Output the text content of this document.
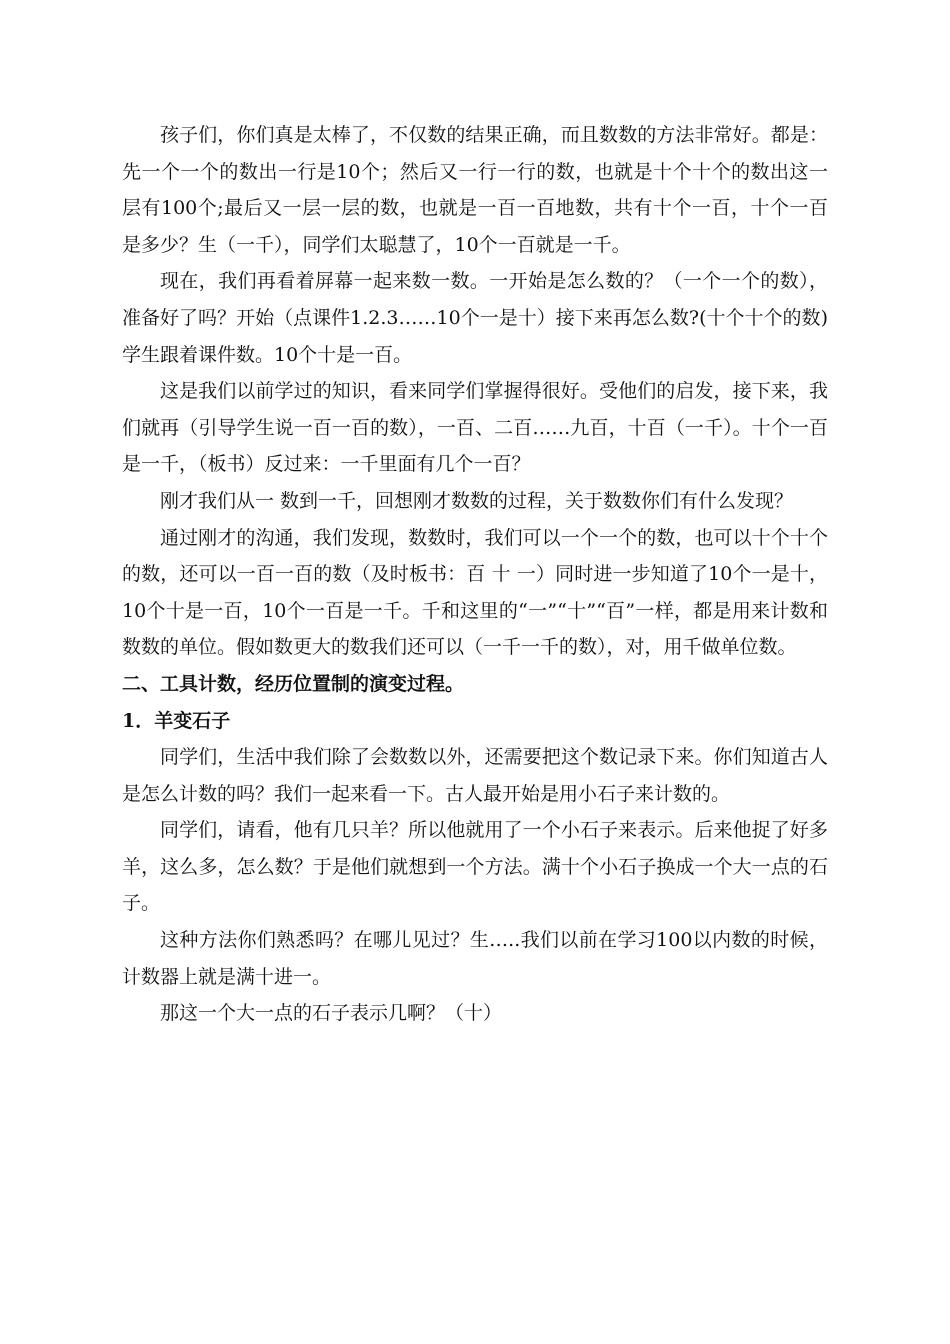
孩子们，你们真是太棒了，不仅数的结果正确，而且数数的方法非常好。都是：先一个一个的数出一行是10个；然后又一行一行的数，也就是十个十个的数出这一层有100个;最后又一层一层的数，也就是一百一百地数，共有十个一百，十个一百是多少？生（一千），同学们太聪慧了，10个一百就是一千。

现在，我们再看着屏幕一起来数一数。一开始是怎么数的？（一个一个的数），准备好了吗？开始（点课件1.2.3……10个一是十）接下来再怎么数?(十个十个的数)学生跟着课件数。10个十是一百。

这是我们以前学过的知识，看来同学们掌握得很好。受他们的启发，接下来，我们就再（引导学生说一百一百的数），一百、二百……九百，十百（一千）。十个一百是一千，（板书）反过来：一千里面有几个一百？

刚才我们从一 数到一千，回想刚才数数的过程，关于数数你们有什么发现？

通过刚才的沟通，我们发现，数数时，我们可以一个一个的数，也可以十个十个的数，还可以一百一百的数（及时板书：百 十 一）同时进一步知道了10个一是十，10个十是一百，10个一百是一千。千和这里的“一”“十”“百”一样，都是用来计数和数数的单位。假如数更大的数我们还可以（一千一千的数），对，用千做单位数。

二、工具计数，经历位置制的演变过程。

1．羊变石子

同学们，生活中我们除了会数数以外，还需要把这个数记录下来。你们知道古人是怎么计数的吗？我们一起来看一下。古人最开始是用小石子来计数的。

同学们，请看，他有几只羊？所以他就用了一个小石子来表示。后来他捉了好多羊，这么多，怎么数？于是他们就想到一个方法。满十个小石子换成一个大一点的石子。

这种方法你们熟悉吗？在哪儿见过？生…..我们以前在学习100以内数的时候，计数器上就是满十进一。

那这一个大一点的石子表示几啊？（十）
